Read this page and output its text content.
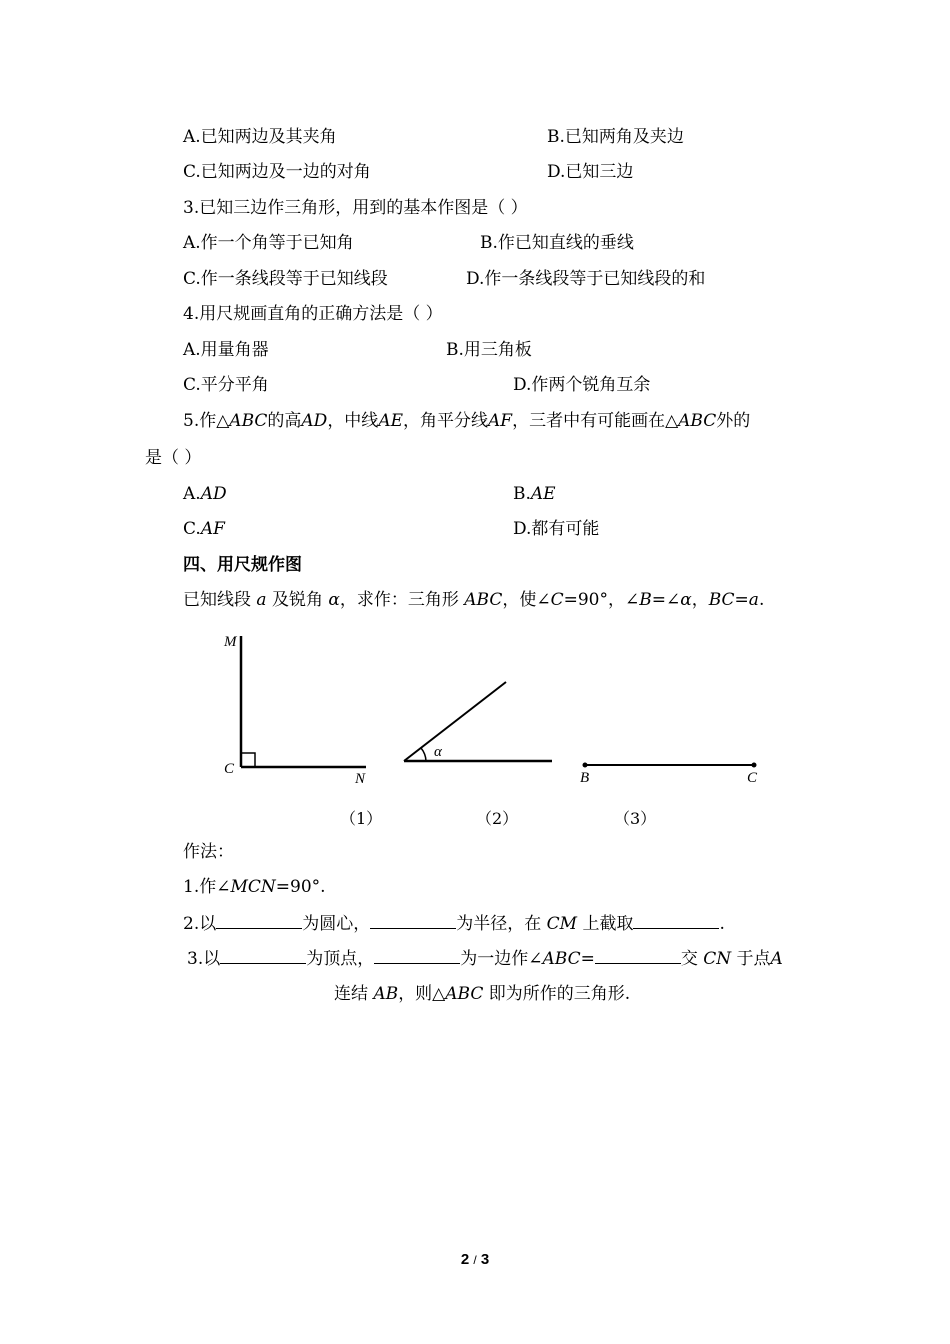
A.已知两边及其夹角	B.已知两角及夹边
C.已知两边及一边的对角	D.已知三边
3.已知三边作三角形，用到的基本作图是（ ）
A.作一个角等于已知角	B.作已知直线的垂线
C.作一条线段等于已知线段	D.作一条线段等于已知线段的和
4.用尺规画直角的正确方法是（ ）
A.用量角器	B.用三角板
C.平分平角	D.作两个锐角互余
5.作△ABC的高AD，中线AE，角平分线AF，三者中有可能画在△ABC外的
是（ ）
A.AD	B.AE
C.AF	D.都有可能
四、用尺规作图
已知线段 a 及锐角 α，求作：三角形 ABC，使∠C=90°，∠B=∠α，BC=a.
M
C
N
α
B	C
（1）	（2）	（3）
作法：
1.作∠MCN=90°.
2.以	为圆心，	为半径，在 CM 上截取	.
3.以	为顶点，	为一边作∠ABC=	交 CN 于点A
连结 AB，则△ABC 即为所作的三角形.
2 / 3
